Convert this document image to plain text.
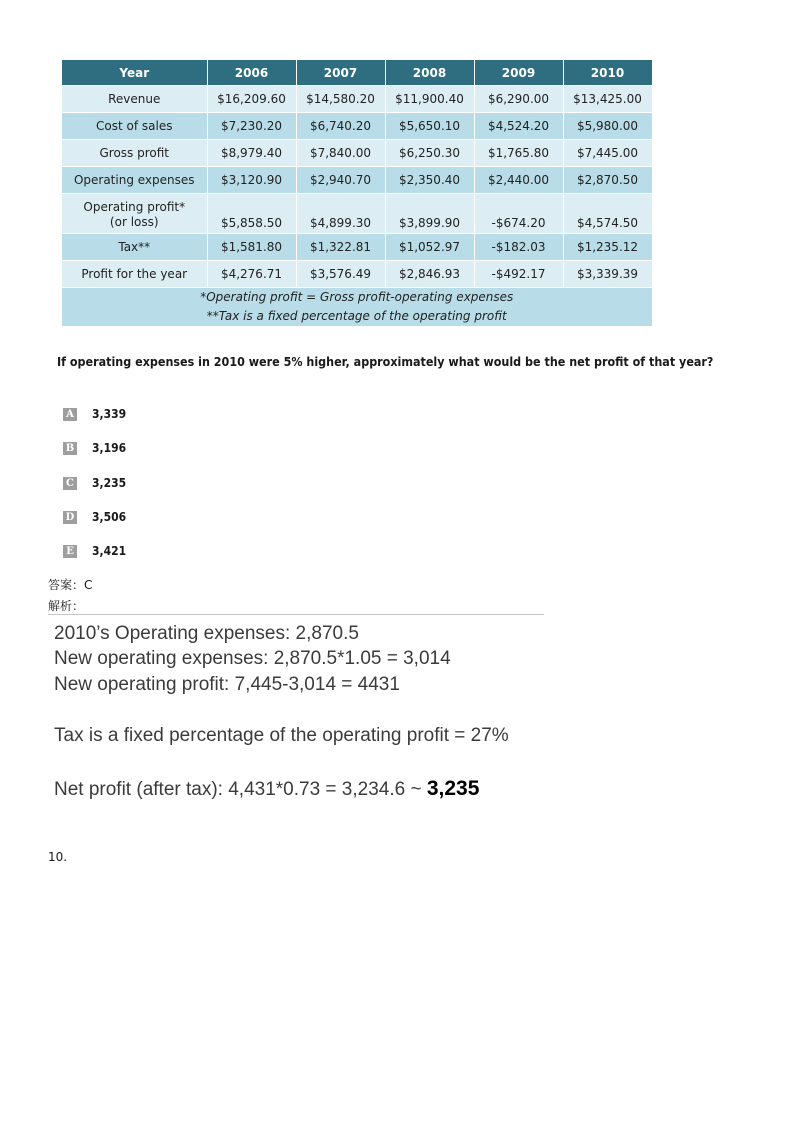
Year	2006	2007	2008	2009	2010
Revenue	$16,209.60	$14,580.20	$11,900.40	$6,290.00	$13,425.00
Cost of sales	$7,230.20	$6,740.20	$5,650.10	$4,524.20	$5,980.00
Gross profit	$8,979.40	$7,840.00	$6,250.30	$1,765.80	$7,445.00
Operating expenses	$3,120.90	$2,940.70	$2,350.40	$2,440.00	$2,870.50
Operating profit*
(or loss)	$5,858.50	$4,899.30	$3,899.90	-$674.20	$4,574.50
Tax**	$1,581.80	$1,322.81	$1,052.97	-$182.03	$1,235.12
Profit for the year	$4,276.71	$3,576.49	$2,846.93	-$492.17	$3,339.39
*Operating profit = Gross profit-operating expenses
**Tax is a fixed percentage of the operating profit					
If operating expenses in 2010 were 5% higher, approximately what would be the net profit of that year?
A 3,339
B 3,196
C 3,235
D 3,506
E 3,421
答案：C
解析：
2010’s Operating expenses: 2,870.5
New operating expenses: 2,870.5*1.05 = 3,014
New operating profit: 7,445-3,014 = 4431
Tax is a fixed percentage of the operating profit = 27%
Net profit (after tax): 4,431*0.73 = 3,234.6 ~ 3,235
10.
